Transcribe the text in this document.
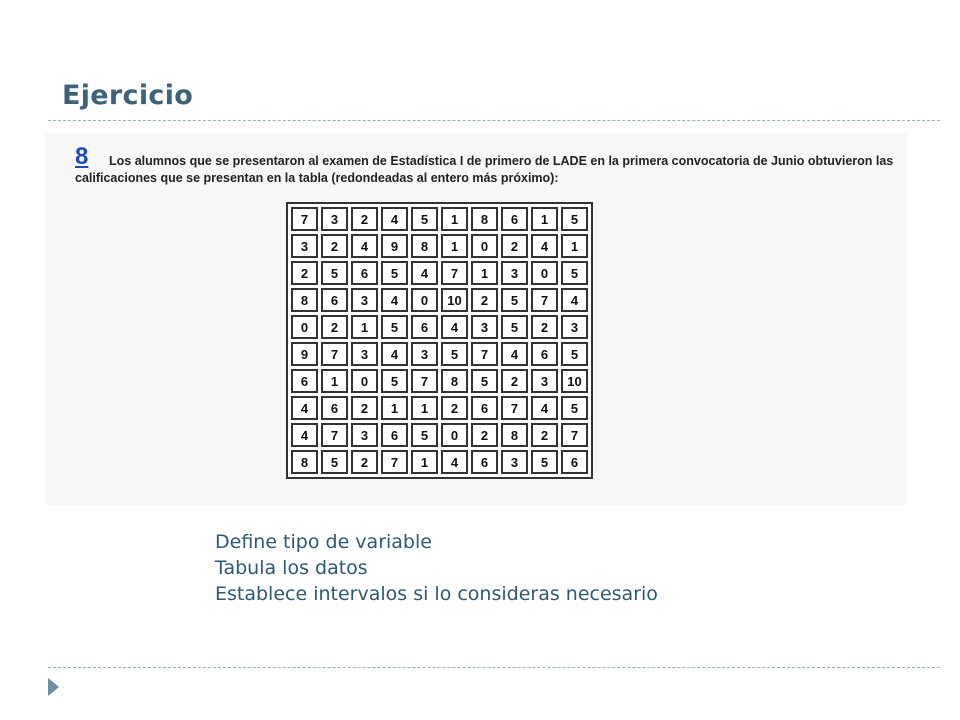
Ejercicio
8	Los alumnos que se presentaron al examen de Estadística I de primero de LADE en la primera convocatoria de Junio obtuvieron las calificaciones que se presentan en la tabla (redondeadas al entero más próximo):
7	3	2	4	5	1	8	6	1	5
3	2	4	9	8	1	0	2	4	1
2	5	6	5	4	7	1	3	0	5
8	6	3	4	0	10	2	5	7	4
0	2	1	5	6	4	3	5	2	3
9	7	3	4	3	5	7	4	6	5
6	1	0	5	7	8	5	2	3	10
4	6	2	1	1	2	6	7	4	5
4	7	3	6	5	0	2	8	2	7
8	5	2	7	1	4	6	3	5	6
Define tipo de variable
Tabula los datos
Establece intervalos si lo consideras necesario
